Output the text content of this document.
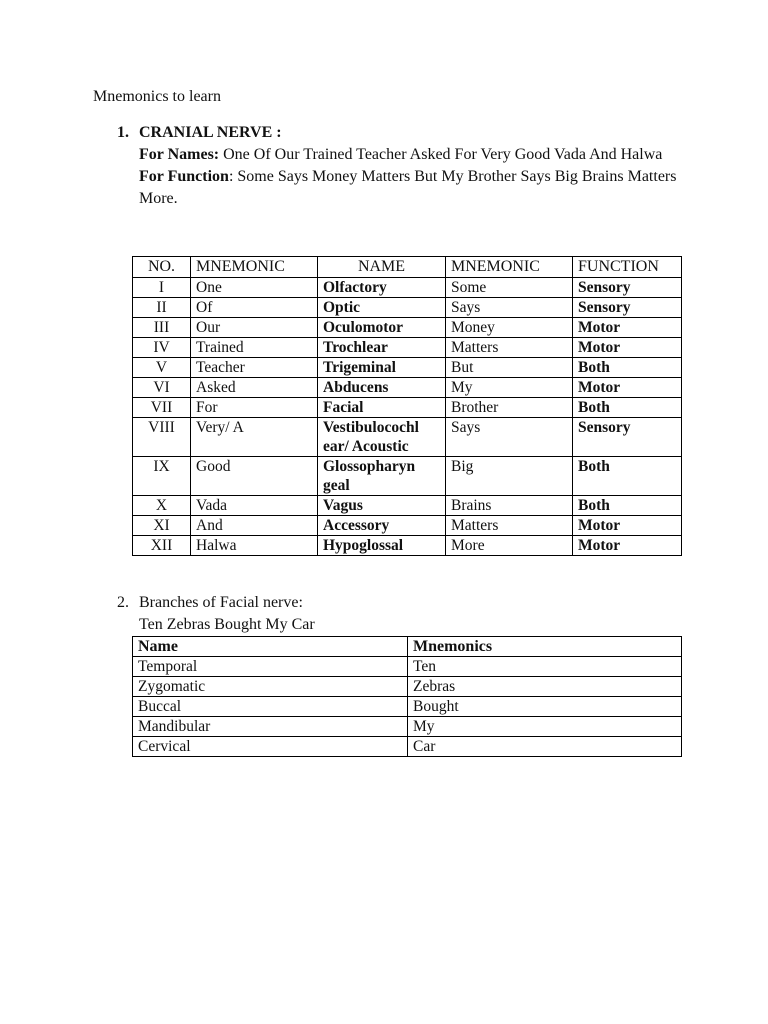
Mnemonics to learn
1. CRANIAL NERVE :
For Names: One Of Our Trained Teacher Asked For Very Good Vada And Halwa
For Function: Some Says Money Matters But My Brother Says Big Brains Matters More.
NO.	MNEMONIC	NAME	MNEMONIC	FUNCTION
I	One	Olfactory	Some	Sensory
II	Of	Optic	Says	Sensory
III	Our	Oculomotor	Money	Motor
IV	Trained	Trochlear	Matters	Motor
V	Teacher	Trigeminal	But	Both
VI	Asked	Abducens	My	Motor
VII	For	Facial	Brother	Both
VIII	Very/ A	Vestibulocochl ear/ Acoustic	Says	Sensory
IX	Good	Glossopharyn geal	Big	Both
X	Vada	Vagus	Brains	Both
XI	And	Accessory	Matters	Motor
XII	Halwa	Hypoglossal	More	Motor
2. Branches of Facial nerve:
Ten Zebras Bought My Car
Name	Mnemonics
Temporal	Ten
Zygomatic	Zebras
Buccal	Bought
Mandibular	My
Cervical	Car
